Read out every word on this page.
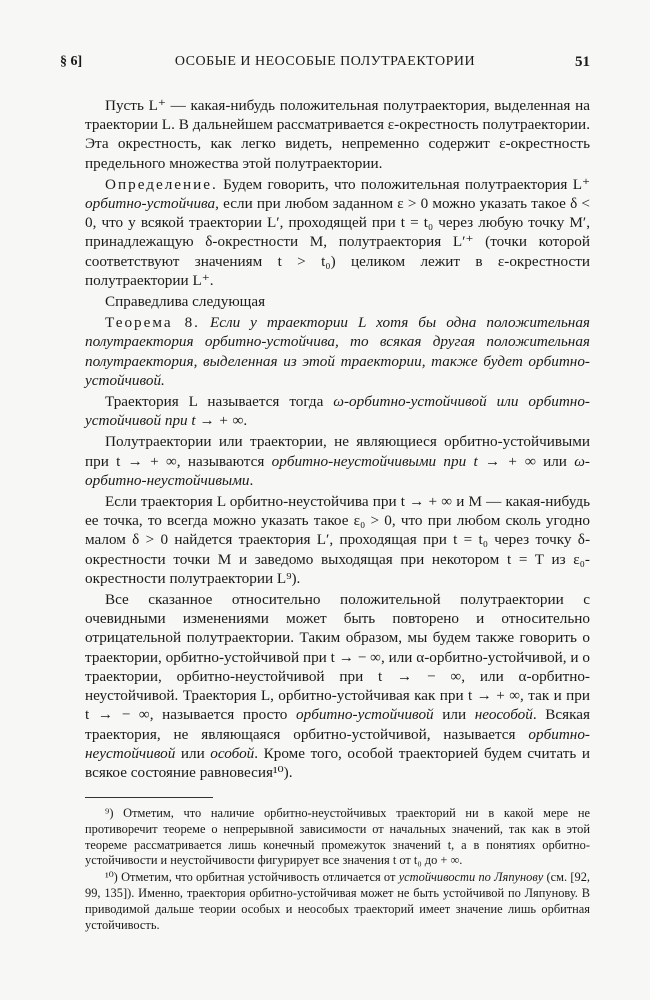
§ 6]	ОСОБЫЕ И НЕОСОБЫЕ ПОЛУТРАЕКТОРИИ	51

Пусть L⁺ — какая-нибудь положительная полутраектория, выделенная на траектории L. В дальнейшем рассматривается ε-окрестность полутраектории. Эта окрестность, как легко видеть, непременно содержит ε-окрестность предельного множества этой полутраектории.

Определение. Будем говорить, что положительная полутраектория L⁺ орбитно-устойчива, если при любом заданном ε > 0 можно указать такое δ < 0, что у всякой траектории L′, проходящей при t = t₀ через любую точку M′, принадлежащую δ-окрестности M, полутраектория L′⁺ (точки которой соответствуют значениям t > t₀) целиком лежит в ε-окрестности полутраектории L⁺.

Справедлива следующая

Теорема 8. Если у траектории L хотя бы одна положительная полутраектория орбитно-устойчива, то всякая другая положительная полутраектория, выделенная из этой траектории, также будет орбитно-устойчивой.

Траектория L называется тогда ω-орбитно-устойчивой или орбитно-устойчивой при t → + ∞.

Полутраектории или траектории, не являющиеся орбитно-устойчивыми при t → + ∞, называются орбитно-неустойчивыми при t → + ∞ или ω-орбитно-неустойчивыми.

Если траектория L орбитно-неустойчива при t → + ∞ и M — какая-нибудь ее точка, то всегда можно указать такое ε₀ > 0, что при любом сколь угодно малом δ > 0 найдется траектория L′, проходящая при t = t₀ через точку δ-окрестности точки M и заведомо выходящая при некотором t = T из ε₀-окрестности полутраектории L⁹).

Все сказанное относительно положительной полутраектории с очевидными изменениями может быть повторено и относительно отрицательной полутраектории. Таким образом, мы будем также говорить о траектории, орбитно-устойчивой при t → − ∞, или α-орбитно-устойчивой, и о траектории, орбитно-неустойчивой при t → − ∞, или α-орбитно-неустойчивой. Траектория L, орбитно-устойчивая как при t → + ∞, так и при t → − ∞, называется просто орбитно-устойчивой или неособой. Всякая траектория, не являющаяся орбитно-устойчивой, называется орбитно-неустойчивой или особой. Кроме того, особой траекторией будем считать и всякое состояние равновесия¹⁰).

⁹) Отметим, что наличие орбитно-неустойчивых траекторий ни в какой мере не противоречит теореме о непрерывной зависимости от начальных значений, так как в этой теореме рассматривается лишь конечный промежуток значений t, а в понятиях орбитно-устойчивости и неустойчивости фигурирует все значения t от t₀ до + ∞.

¹⁰) Отметим, что орбитная устойчивость отличается от устойчивости по Ляпунову (см. [92, 99, 135]). Именно, траектория орбитно-устойчивая может не быть устойчивой по Ляпунову. В приводимой дальше теории особых и неособых траекторий имеет значение лишь орбитная устойчивость.
